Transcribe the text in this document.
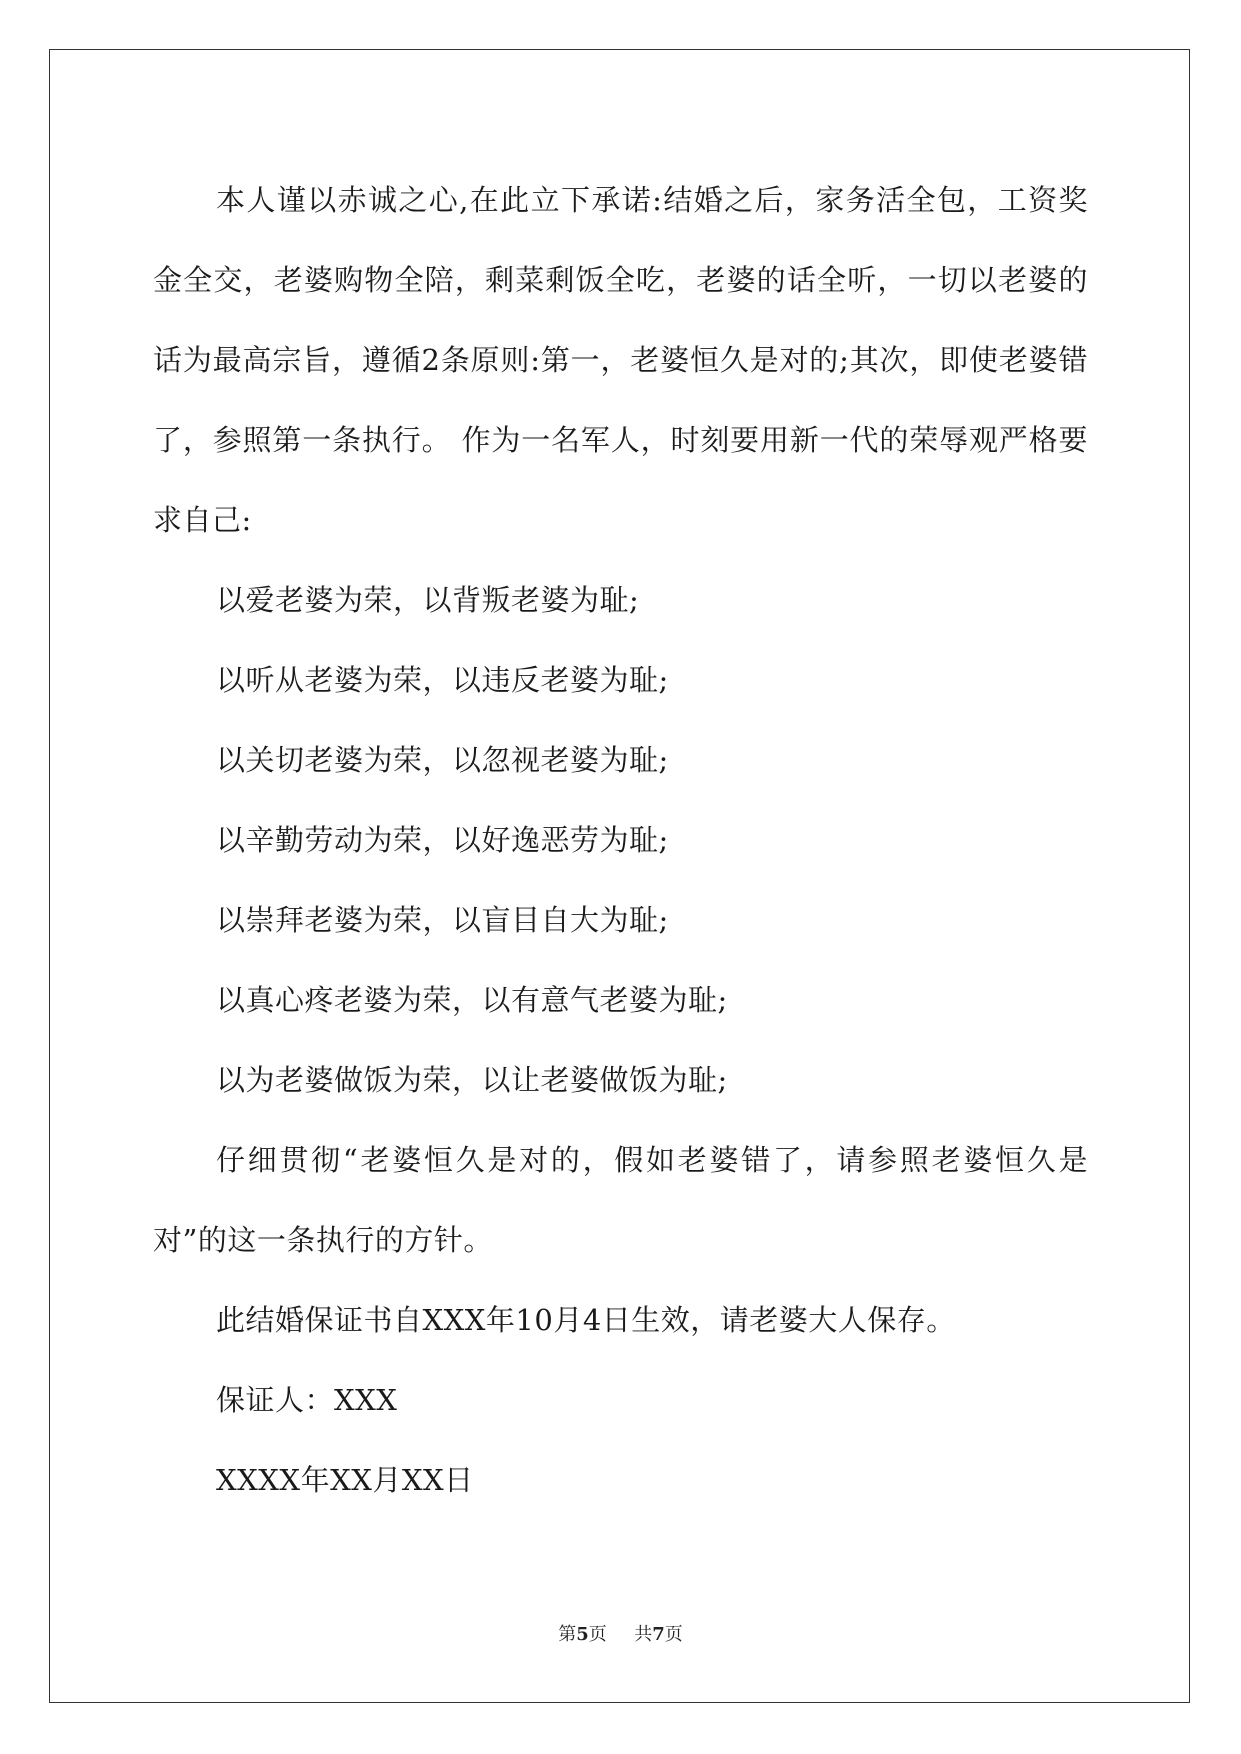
本人谨以赤诚之心,在此立下承诺:结婚之后，家务活全包，工资奖金全交，老婆购物全陪，剩菜剩饭全吃，老婆的话全听，一切以老婆的话为最高宗旨，遵循2条原则:第一，老婆恒久是对的;其次，即使老婆错了，参照第一条执行。 作为一名军人，时刻要用新一代的荣辱观严格要求自己:

以爱老婆为荣，以背叛老婆为耻;

以听从老婆为荣，以违反老婆为耻;

以关切老婆为荣，以忽视老婆为耻;

以辛勤劳动为荣，以好逸恶劳为耻;

以崇拜老婆为荣，以盲目自大为耻;

以真心疼老婆为荣，以有意气老婆为耻;

以为老婆做饭为荣，以让老婆做饭为耻;

仔细贯彻“老婆恒久是对的，假如老婆错了，请参照老婆恒久是对”的这一条执行的方针。

此结婚保证书自XXX年10月4日生效，请老婆大人保存。

保证人：XXX

XXXX年XX月XX日

第5页 共7页
